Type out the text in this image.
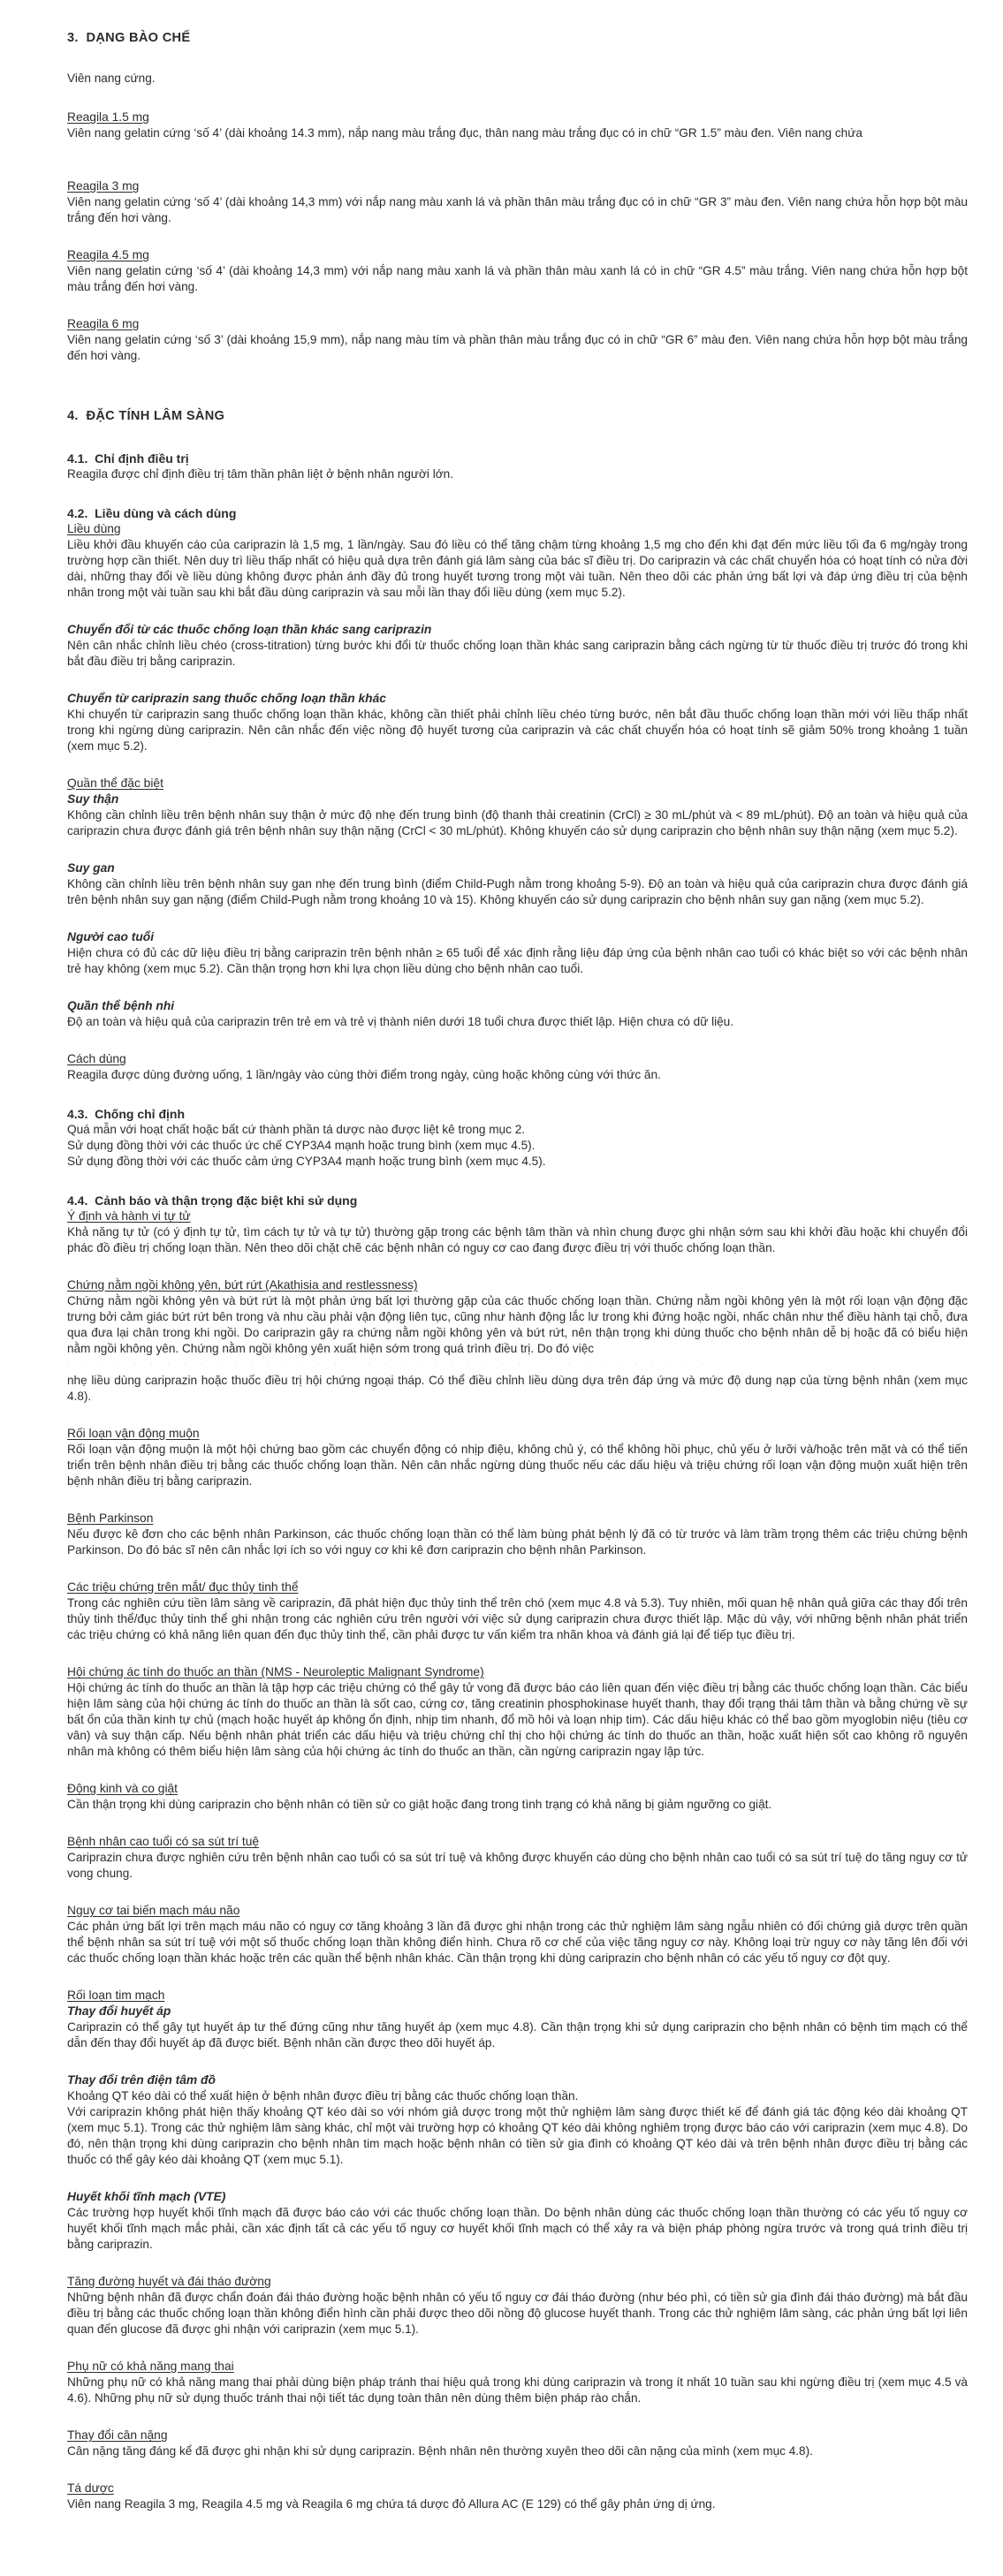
3.  DẠNG BÀO CHẾ
Viên nang cứng.
Reagila 1.5 mg
Viên nang gelatin cứng ‘số 4’ (dài khoảng 14.3 mm), nắp nang màu trắng đục, thân nang màu trắng đục có in chữ “GR 1.5” màu đen. Viên nang chứa
Reagila 3 mg
Viên nang gelatin cứng ‘số 4’ (dài khoảng 14,3 mm) với nắp nang màu xanh lá và phần thân màu trắng đục có in chữ “GR 3” màu đen. Viên nang chứa hỗn hợp bột màu trắng đến hơi vàng.
Reagila 4.5 mg
Viên nang gelatin cứng ‘số 4’ (dài khoảng 14,3 mm) với nắp nang màu xanh lá và phần thân màu xanh lá có in chữ “GR 4.5” màu trắng. Viên nang chứa hỗn hợp bột màu trắng đến hơi vàng.
Reagila 6 mg
Viên nang gelatin cứng ‘số 3’ (dài khoảng 15,9 mm), nắp nang màu tím và phần thân màu trắng đục có in chữ “GR 6” màu đen. Viên nang chứa hỗn hợp bột màu trắng đến hơi vàng.
4.  ĐẶC TÍNH LÂM SÀNG
4.1.  Chỉ định điều trị
Reagila được chỉ định điều trị tâm thần phân liệt ở bệnh nhân người lớn.
4.2.  Liều dùng và cách dùng
Liều dùng
Liều khởi đầu khuyến cáo của cariprazin là 1,5 mg, 1 lần/ngày. Sau đó liều có thể tăng chậm từng khoảng 1,5 mg cho đến khi đạt đến mức liều tối đa 6 mg/ngày trong trường hợp cần thiết. Nên duy trì liều thấp nhất có hiệu quả dựa trên đánh giá lâm sàng của bác sĩ điều trị. Do cariprazin và các chất chuyển hóa có hoạt tính có nửa đời dài, những thay đổi về liều dùng không được phản ánh đầy đủ trong huyết tương trong một vài tuần. Nên theo dõi các phản ứng bất lợi và đáp ứng điều trị của bệnh nhân trong một vài tuần sau khi bắt đầu dùng cariprazin và sau mỗi lần thay đổi liều dùng (xem mục 5.2).
Chuyển đổi từ các thuốc chống loạn thần khác sang cariprazin
Nên cân nhắc chỉnh liều chéo (cross-titration) từng bước khi đổi từ thuốc chống loạn thần khác sang cariprazin bằng cách ngừng từ từ thuốc điều trị trước đó trong khi bắt đầu điều trị bằng cariprazin.
Chuyển từ cariprazin sang thuốc chống loạn thần khác
Khi chuyển từ cariprazin sang thuốc chống loạn thần khác, không cần thiết phải chỉnh liều chéo từng bước, nên bắt đầu thuốc chống loạn thần mới với liều thấp nhất trong khi ngừng dùng cariprazin. Nên cân nhắc đến việc nồng độ huyết tương của cariprazin và các chất chuyển hóa có hoạt tính sẽ giảm 50% trong khoảng 1 tuần (xem mục 5.2).
Quần thể đặc biệt
Suy thận
Không cần chỉnh liều trên bệnh nhân suy thận ở mức độ nhẹ đến trung bình (độ thanh thải creatinin (CrCl) ≥ 30 mL/phút và < 89 mL/phút). Độ an toàn và hiệu quả của cariprazin chưa được đánh giá trên bệnh nhân suy thận nặng (CrCl < 30 mL/phút). Không khuyến cáo sử dụng cariprazin cho bệnh nhân suy thận nặng (xem mục 5.2).
Suy gan
Không cần chỉnh liều trên bệnh nhân suy gan nhẹ đến trung bình (điểm Child-Pugh nằm trong khoảng 5-9). Độ an toàn và hiệu quả của cariprazin chưa được đánh giá trên bệnh nhân suy gan nặng (điểm Child-Pugh nằm trong khoảng 10 và 15). Không khuyến cáo sử dụng cariprazin cho bệnh nhân suy gan nặng (xem mục 5.2).
Người cao tuổi
Hiện chưa có đủ các dữ liệu điều trị bằng cariprazin trên bệnh nhân ≥ 65 tuổi để xác định rằng liệu đáp ứng của bệnh nhân cao tuổi có khác biệt so với các bệnh nhân trẻ hay không (xem mục 5.2). Cần thận trọng hơn khi lựa chọn liều dùng cho bệnh nhân cao tuổi.
Quần thể bệnh nhi
Độ an toàn và hiệu quả của cariprazin trên trẻ em và trẻ vị thành niên dưới 18 tuổi chưa được thiết lập. Hiện chưa có dữ liệu.
Cách dùng
Reagila được dùng đường uống, 1 lần/ngày vào cùng thời điểm trong ngày, cùng hoặc không cùng với thức ăn.
4.3.  Chống chỉ định
Quá mẫn với hoạt chất hoặc bất cứ thành phần tá dược nào được liệt kê trong mục 2.
Sử dụng đồng thời với các thuốc ức chế CYP3A4 mạnh hoặc trung bình (xem mục 4.5).
Sử dụng đồng thời với các thuốc cảm ứng CYP3A4 mạnh hoặc trung bình (xem mục 4.5).
4.4.  Cảnh báo và thận trọng đặc biệt khi sử dụng
Ý định và hành vi tự tử
Khả năng tự tử (có ý định tự tử, tìm cách tự tử và tự tử) thường gặp trong các bệnh tâm thần và nhìn chung được ghi nhận sớm sau khi khởi đầu hoặc khi chuyển đổi phác đồ điều trị chống loạn thần. Nên theo dõi chặt chẽ các bệnh nhân có nguy cơ cao đang được điều trị với thuốc chống loạn thần.
Chứng nằm ngồi không yên, bứt rứt (Akathisia and restlessness)
Chứng nằm ngồi không yên và bứt rứt là một phản ứng bất lợi thường gặp của các thuốc chống loạn thần. Chứng nằm ngồi không yên là một rối loạn vận động đặc trưng bởi cảm giác bứt rứt bên trong và nhu cầu phải vận động liên tục, cũng như hành động lắc lư trong khi đứng hoặc ngồi, nhấc chân như thể điều hành tại chỗ, đưa qua đưa lại chân trong khi ngồi. Do cariprazin gây ra chứng nằm ngồi không yên và bứt rứt, nên thận trọng khi dùng thuốc cho bệnh nhân dễ bị hoặc đã có biểu hiện nằm ngồi không yên. Chứng nằm ngồi không yên xuất hiện sớm trong quá trình điều trị. Do đó việc
· · · · · · · · · · · · · · · · · · · · · · · · · · · · · · · · · · · · · · ·
nhẹ liều dùng cariprazin hoặc thuốc điều trị hội chứng ngoại tháp. Có thể điều chỉnh liều dùng dựa trên đáp ứng và mức độ dung nạp của từng bệnh nhân (xem mục 4.8).
Rối loạn vận động muộn
Rối loạn vận động muộn là một hội chứng bao gồm các chuyển động có nhịp điệu, không chủ ý, có thể không hồi phục, chủ yếu ở lưỡi và/hoặc trên mặt và có thể tiến triển trên bệnh nhân điều trị bằng các thuốc chống loạn thần. Nên cân nhắc ngừng dùng thuốc nếu các dấu hiệu và triệu chứng rối loạn vận động muộn xuất hiện trên bệnh nhân điều trị bằng cariprazin.
Bệnh Parkinson
Nếu được kê đơn cho các bệnh nhân Parkinson, các thuốc chống loạn thần có thể làm bùng phát bệnh lý đã có từ trước và làm trầm trọng thêm các triệu chứng bệnh Parkinson. Do đó bác sĩ nên cân nhắc lợi ích so với nguy cơ khi kê đơn cariprazin cho bệnh nhân Parkinson.
Các triệu chứng trên mắt/ đục thủy tinh thể
Trong các nghiên cứu tiền lâm sàng về cariprazin, đã phát hiện đục thủy tinh thể trên chó (xem mục 4.8 và 5.3). Tuy nhiên, mối quan hệ nhân quả giữa các thay đổi trên thủy tinh thể/đục thủy tinh thể ghi nhận trong các nghiên cứu trên người với việc sử dụng cariprazin chưa được thiết lập. Mặc dù vậy, với những bệnh nhân phát triển các triệu chứng có khả năng liên quan đến đục thủy tinh thể, cần phải được tư vấn kiểm tra nhãn khoa và đánh giá lại để tiếp tục điều trị.
Hội chứng ác tính do thuốc an thần (NMS - Neuroleptic Malignant Syndrome)
Hội chứng ác tính do thuốc an thần là tập hợp các triệu chứng có thể gây tử vong đã được báo cáo liên quan đến việc điều trị bằng các thuốc chống loạn thần. Các biểu hiện lâm sàng của hội chứng ác tính do thuốc an thần là sốt cao, cứng cơ, tăng creatinin phosphokinase huyết thanh, thay đổi trạng thái tâm thần và bằng chứng về sự bất ổn của thần kinh tự chủ (mạch hoặc huyết áp không ổn định, nhịp tim nhanh, đổ mồ hôi và loạn nhịp tim). Các dấu hiệu khác có thể bao gồm myoglobin niệu (tiêu cơ vân) và suy thận cấp. Nếu bệnh nhân phát triển các dấu hiệu và triệu chứng chỉ thị cho hội chứng ác tính do thuốc an thần, hoặc xuất hiện sốt cao không rõ nguyên nhân mà không có thêm biểu hiện lâm sàng của hội chứng ác tính do thuốc an thần, cần ngừng cariprazin ngay lập tức.
Động kinh và co giật
Cần thận trọng khi dùng cariprazin cho bệnh nhân có tiền sử co giật hoặc đang trong tình trạng có khả năng bị giảm ngưỡng co giật.
Bệnh nhân cao tuổi có sa sút trí tuệ
Cariprazin chưa được nghiên cứu trên bệnh nhân cao tuổi có sa sút trí tuệ và không được khuyến cáo dùng cho bệnh nhân cao tuổi có sa sút trí tuệ do tăng nguy cơ tử vong chung.
Nguy cơ tai biến mạch máu não
Các phản ứng bất lợi trên mạch máu não có nguy cơ tăng khoảng 3 lần đã được ghi nhận trong các thử nghiệm lâm sàng ngẫu nhiên có đối chứng giả dược trên quần thể bệnh nhân sa sút trí tuệ với một số thuốc chống loạn thần không điển hình. Chưa rõ cơ chế của việc tăng nguy cơ này. Không loại trừ nguy cơ này tăng lên đối với các thuốc chống loạn thần khác hoặc trên các quần thể bệnh nhân khác. Cần thận trọng khi dùng cariprazin cho bệnh nhân có các yếu tố nguy cơ đột quỵ.
Rối loạn tim mạch
Thay đổi huyết áp
Cariprazin có thể gây tụt huyết áp tư thế đứng cũng như tăng huyết áp (xem mục 4.8). Cần thận trọng khi sử dụng cariprazin cho bệnh nhân có bệnh tim mạch có thể dẫn đến thay đổi huyết áp đã được biết. Bệnh nhân cần được theo dõi huyết áp.
Thay đổi trên điện tâm đồ
Khoảng QT kéo dài có thể xuất hiện ở bệnh nhân được điều trị bằng các thuốc chống loạn thần.
Với cariprazin không phát hiện thấy khoảng QT kéo dài so với nhóm giả dược trong một thử nghiệm lâm sàng được thiết kế để đánh giá tác động kéo dài khoảng QT (xem mục 5.1). Trong các thử nghiệm lâm sàng khác, chỉ một vài trường hợp có khoảng QT kéo dài không nghiêm trọng được báo cáo với cariprazin (xem mục 4.8). Do đó, nên thận trọng khi dùng cariprazin cho bệnh nhân tim mạch hoặc bệnh nhân có tiền sử gia đình có khoảng QT kéo dài và trên bệnh nhân được điều trị bằng các thuốc có thể gây kéo dài khoảng QT (xem mục 5.1).
Huyết khối tĩnh mạch (VTE)
Các trường hợp huyết khối tĩnh mạch đã được báo cáo với các thuốc chống loạn thần. Do bệnh nhân dùng các thuốc chống loạn thần thường có các yếu tố nguy cơ huyết khối tĩnh mạch mắc phải, cần xác định tất cả các yếu tố nguy cơ huyết khối tĩnh mạch có thể xảy ra và biện pháp phòng ngừa trước và trong quá trình điều trị bằng cariprazin.
Tăng đường huyết và đái tháo đường
Những bệnh nhân đã được chẩn đoán đái tháo đường hoặc bệnh nhân có yếu tố nguy cơ đái tháo đường (như béo phì, có tiền sử gia đình đái tháo đường) mà bắt đầu điều trị bằng các thuốc chống loạn thần không điển hình cần phải được theo dõi nồng độ glucose huyết thanh. Trong các thử nghiệm lâm sàng, các phản ứng bất lợi liên quan đến glucose đã được ghi nhận với cariprazin (xem mục 5.1).
Phụ nữ có khả năng mang thai
Những phụ nữ có khả năng mang thai phải dùng biện pháp tránh thai hiệu quả trong khi dùng cariprazin và trong ít nhất 10 tuần sau khi ngừng điều trị (xem mục 4.5 và 4.6). Những phụ nữ sử dụng thuốc tránh thai nội tiết tác dụng toàn thân nên dùng thêm biện pháp rào chắn.
Thay đổi cân nặng
Cân nặng tăng đáng kể đã được ghi nhận khi sử dụng cariprazin. Bệnh nhân nên thường xuyên theo dõi cân nặng của mình (xem mục 4.8).
Tá dược
Viên nang Reagila 3 mg, Reagila 4.5 mg và Reagila 6 mg chứa tá dược đỏ Allura AC (E 129) có thể gây phản ứng dị ứng.
